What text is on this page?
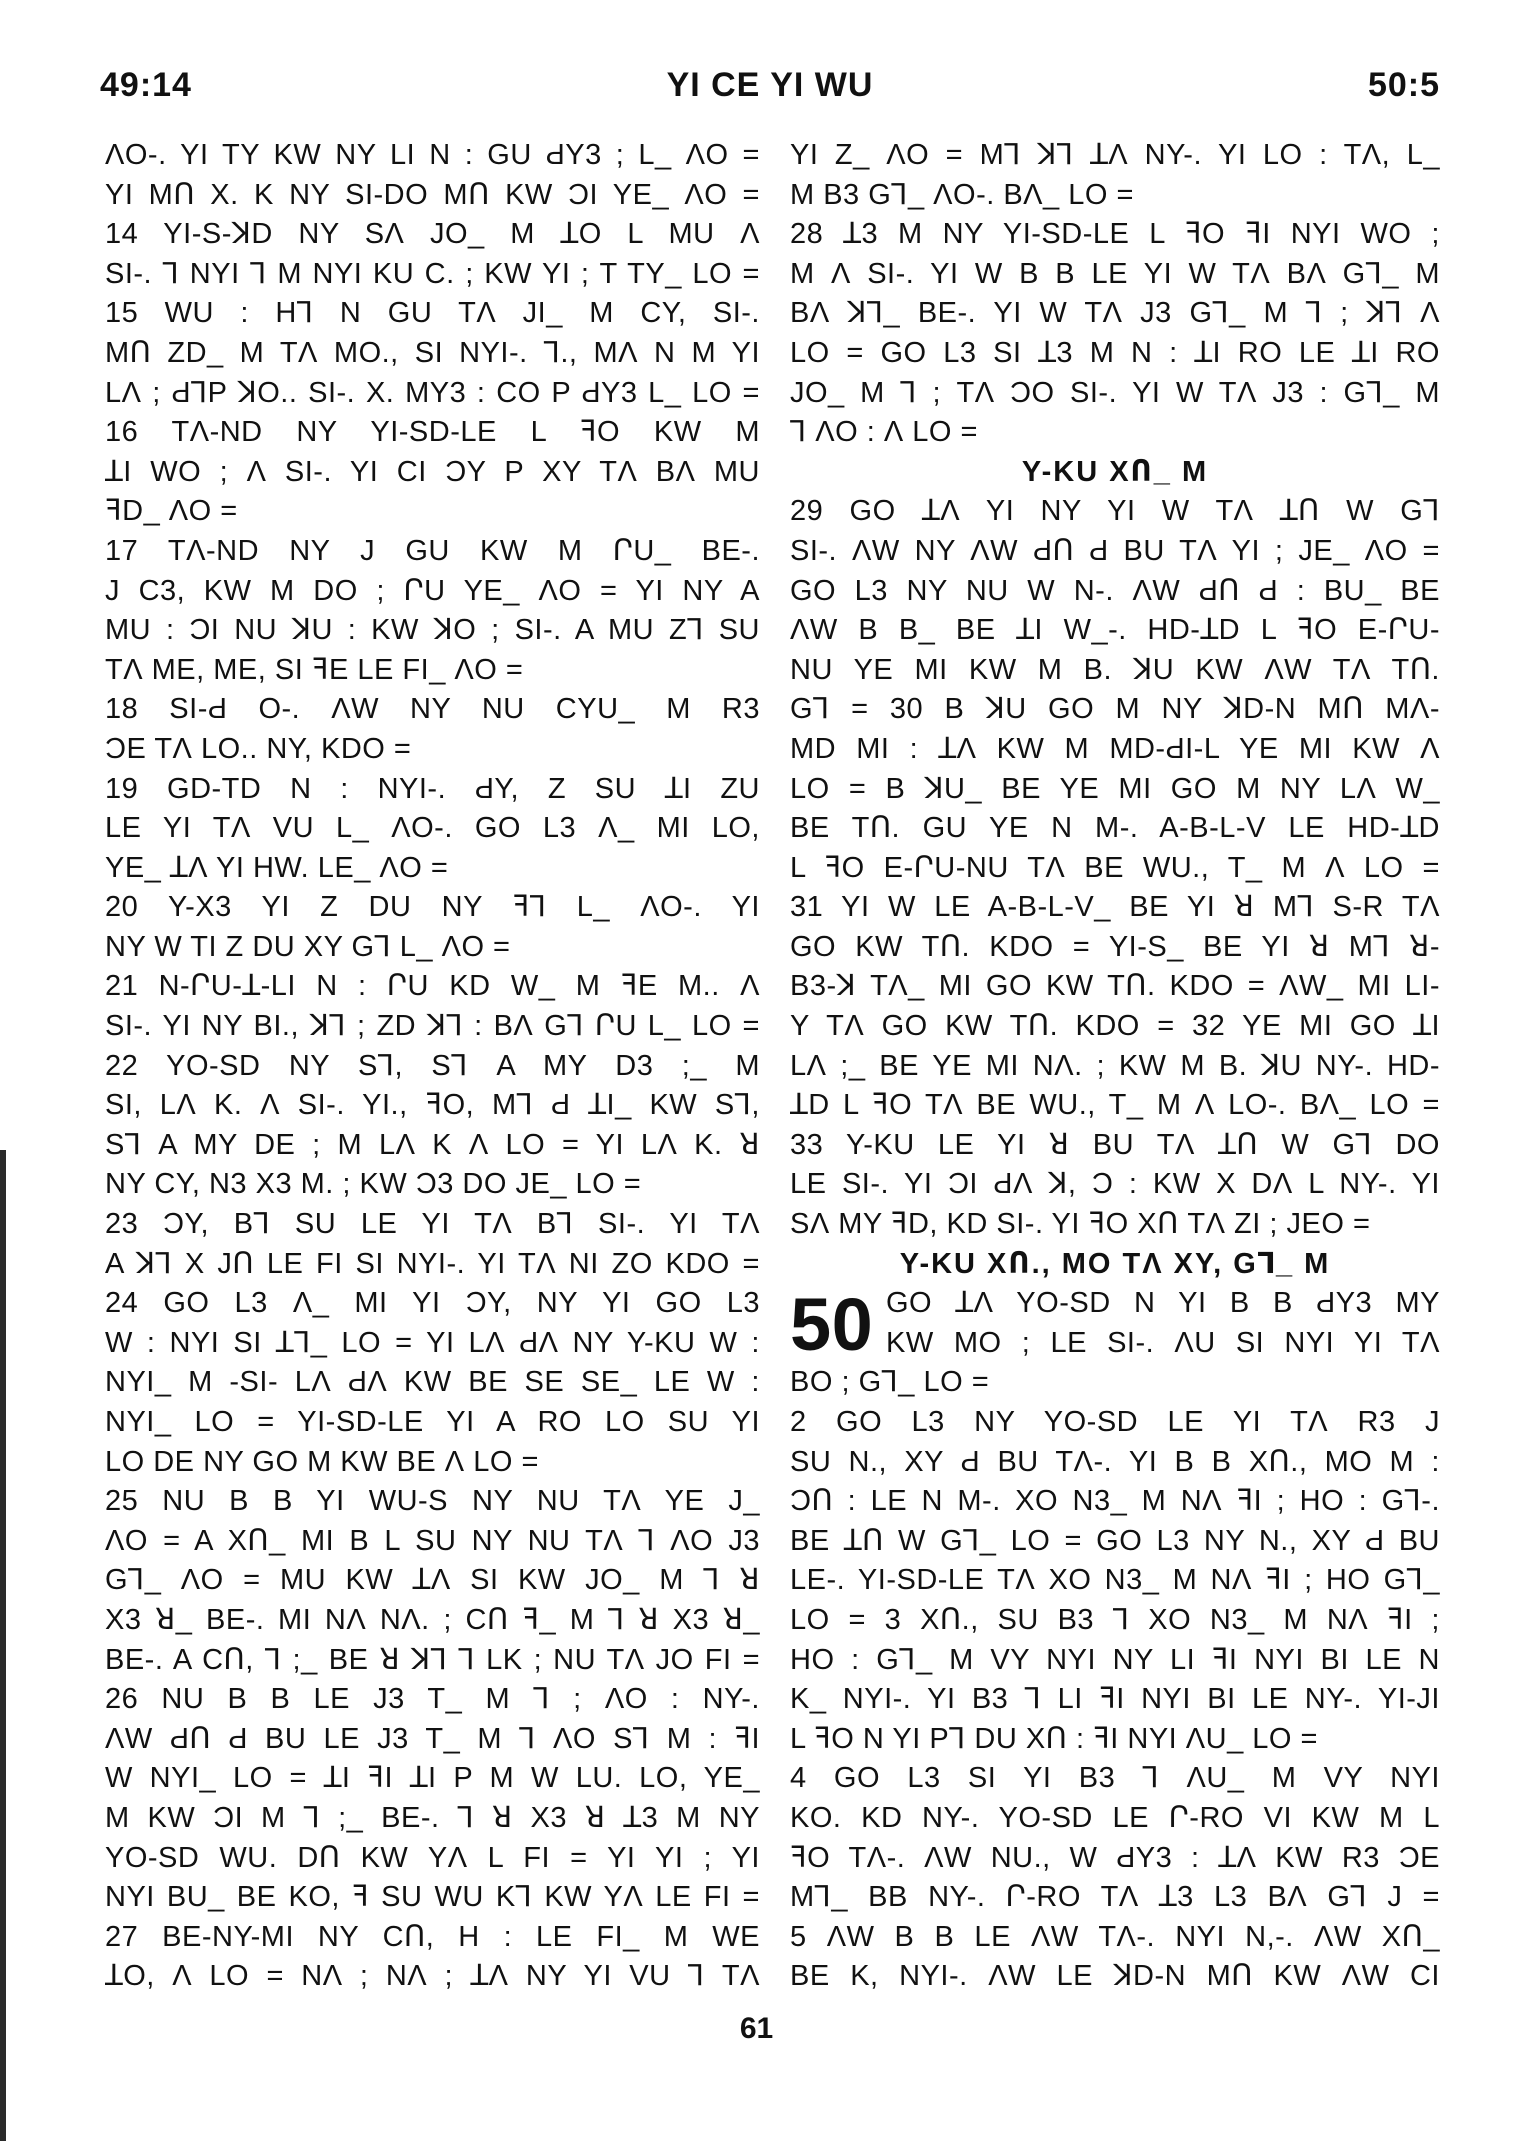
49:14	YI CE YI WU	50:5
ɅO-. YI TY KW NY LI N : GU ԀY3 ; L_ ɅO =
YI MՈ X. K NY SI-DO MՈ KW ƆI YE_ ɅO =
14 YI-S-ꓘD NY SɅ JO_ M ꓕO L MU Ʌ
SI-. ꓶ NYI ꓶ M NYI KU C. ; KW YI ; T TY_ LO =
15 WU : Hꓶ N GU TɅ JI_ M CY, SI-.
MՈ ZD_ M TɅ MO., SI NYI-. ꓶ., MɅ N M YI
LɅ ; ԀꓶP ꓘO.. SI-. X. MY3 : CO P ԀY3 L_ LO =
16 TɅ-ND NY YI-SD-LE L ꟻO KW M
ꓕI WO ; Ʌ SI-. YI CI ƆY P XY TɅ BɅ MU
ꟻD_ ɅO =
17 TɅ-ND NY J GU KW M ՐU_ BE-.
J C3, KW M DO ; ՐU YE_ ɅO = YI NY A
MU : ƆI NU ꓘU : KW ꓘO ; SI-. A MU Zꓶ SU
TɅ ME, ME, SI ꟻE LE FI_ ɅO =
18 SI-Ԁ O-. ɅW NY NU CYU_ M R3
ƆE TɅ LO.. NY, KDO =
19 GD-TD N : NYI-. ԀY, Z SU ꓕI ZU
LE YI TɅ VU L_ ɅO-. GO L3 Ʌ_ MI LO,
YE_ ꓕɅ YI HW. LE_ ɅO =
20 Y-X3 YI Z DU NY ꟻꓶ L_ ɅO-. YI
NY W TI Z DU XY Gꓶ L_ ɅO =
21 N-ՐU-ꓕ-LI N : ՐU KD W_ M ꟻE M.. Ʌ
SI-. YI NY BI., ꓘꓶ ; ZD ꓘꓶ : BɅ Gꓶ ՐU L_ LO =
22 YO-SD NY Sꓶ, Sꓶ A MY D3 ;_ M
SI, LɅ K. Ʌ SI-. YI., ꟻO, Mꓶ Ԁ ꓕI_ KW Sꓶ,
Sꓶ A MY DE ; M LɅ K Ʌ LO = YI LɅ K. ꓤ
NY CY, N3 X3 M. ; KW Ɔ3 DO JE_ LO =
23 ƆY, Bꓶ SU LE YI TɅ Bꓶ SI-. YI TɅ
A ꓘꓶ X JՈ LE FI SI NYI-. YI TɅ NI ZO KDO =
24 GO L3 Ʌ_ MI YI ƆY, NY YI GO L3
W : NYI SI ꓕꓶ_ LO = YI LɅ ԀɅ NY Y-KU W :
NYI_ M -SI- LɅ ԀɅ KW BE SE SE_ LE W :
NYI_ LO = YI-SD-LE YI A RO LO SU YI
LO DE NY GO M KW BE Ʌ LO =
25 NU B B YI WU-S NY NU TɅ YE J_
ɅO = A XՈ_ MI B L SU NY NU TɅ ꓶ ɅO J3
Gꓶ_ ɅO = MU KW ꓕɅ SI KW JO_ M ꓶ ꓤ
X3 ꓤ_ BE-. MI NɅ NɅ. ; CՈ ꟻ_ M ꓶ ꓤ X3 ꓤ_
BE-. A CՈ, ꓶ ;_ BE ꓤ ꓘꓶ ꓶ LK ; NU TɅ JO FI =
26 NU B B LE J3 T_ M ꓶ ; ɅO : NY-.
ɅW ԀՈ Ԁ BU LE J3 T_ M ꓶ ɅO Sꓶ M : ꟻI
W NYI_ LO = ꓕI ꟻI ꓕI P M W LU. LO, YE_
M KW ƆI M ꓶ ;_ BE-. ꓶ ꓤ X3 ꓤ ꓕ3 M NY
YO-SD WU. DՈ KW YɅ L FI = YI YI ; YI
NYI BU_ BE KO, ꟻ SU WU Kꓶ KW YɅ LE FI =
27 BE-NY-MI NY CՈ, H : LE FI_ M WE
ꓕO, Ʌ LO = NɅ ; NɅ ; ꓕɅ NY YI VU ꓶ TɅ
YI Z_ ɅO = Mꓶ ꓘꓶ ꓕɅ NY-. YI LO : TɅ, L_
M B3 Gꓶ_ ɅO-. BɅ_ LO =
28 ꓕ3 M NY YI-SD-LE L ꟻO ꟻI NYI WO ;
M Ʌ SI-. YI W B B LE YI W TɅ BɅ Gꓶ_ M
BɅ ꓘꓶ_ BE-. YI W TɅ J3 Gꓶ_ M ꓶ ; ꓘꓶ Ʌ
LO = GO L3 SI ꓕ3 M N : ꓕI RO LE ꓕI RO
JO_ M ꓶ ; TɅ ƆO SI-. YI W TɅ J3 : Gꓶ_ M
ꓶ ɅO : Ʌ LO =
Y-KU XՈ_ M
29 GO ꓕɅ YI NY YI W TɅ ꓕՈ W Gꓶ
SI-. ɅW NY ɅW ԀՈ Ԁ BU TɅ YI ; JE_ ɅO =
GO L3 NY NU W N-. ɅW ԀՈ Ԁ : BU_ BE
ɅW B B_ BE ꓕI W_-. HD-ꓕD L ꟻO E-ՐU-
NU YE MI KW M B. ꓘU KW ɅW TɅ TՈ.
Gꓶ = 30 B ꓘU GO M NY ꓘD-N MՈ MɅ-
MD MI : ꓕɅ KW M MD-ԀI-L YE MI KW Ʌ
LO = B ꓘU_ BE YE MI GO M NY LɅ W_
BE TՈ. GU YE N M-. A-B-L-V LE HD-ꓕD
L ꟻO E-ՐU-NU TɅ BE WU., T_ M Ʌ LO =
31 YI W LE A-B-L-V_ BE YI ꓤ Mꓶ S-R TɅ
GO KW TՈ. KDO = YI-S_ BE YI ꓤ Mꓶ ꓤ-
B3-ꓘ TɅ_ MI GO KW TՈ. KDO = ɅW_ MI LI-
Y TɅ GO KW TՈ. KDO = 32 YE MI GO ꓕI
LɅ ;_ BE YE MI NɅ. ; KW M B. ꓘU NY-. HD-
ꓕD L ꟻO TɅ BE WU., T_ M Ʌ LO-. BɅ_ LO =
33 Y-KU LE YI ꓤ BU TɅ ꓕՈ W Gꓶ DO
LE SI-. YI ƆI ԀɅ ꓘ, Ɔ : KW X DɅ L NY-. YI
SɅ MY ꟻD, KD SI-. YI ꟻO XՈ TɅ ZI ; JEO =
Y-KU XՈ., MO TɅ XY, Gꓶ_ M
50 GO ꓕɅ YO-SD N YI B B ԀY3 MY
KW MO ; LE SI-. ɅU SI NYI YI TɅ
BO ; Gꓶ_ LO =
2 GO L3 NY YO-SD LE YI TɅ R3 J
SU N., XY Ԁ BU TɅ-. YI B B XՈ., MO M :
ƆՈ : LE N M-. XO N3_ M NɅ ꟻI ; HO : Gꓶ-.
BE ꓕՈ W Gꓶ_ LO = GO L3 NY N., XY Ԁ BU
LE-. YI-SD-LE TɅ XO N3_ M NɅ ꟻI ; HO Gꓶ_
LO = 3 XՈ., SU B3 ꓶ XO N3_ M NɅ ꟻI ;
HO : Gꓶ_ M VY NYI NY LI ꟻI NYI BI LE N
K_ NYI-. YI B3 ꓶ LI ꟻI NYI BI LE NY-. YI-JI
L ꟻO N YI Pꓶ DU XՈ : ꟻI NYI ɅU_ LO =
4 GO L3 SI YI B3 ꓶ ɅU_ M VY NYI
KO. KD NY-. YO-SD LE Ր-RO VI KW M L
ꟻO TɅ-. ɅW NU., W ԀY3 : ꓕɅ KW R3 ƆE
Mꓶ_ BB NY-. Ր-RO TɅ ꓕ3 L3 BɅ Gꓶ J =
5 ɅW B B LE ɅW TɅ-. NYI N,-. ɅW XՈ_
BE K, NYI-. ɅW LE ꓘD-N MՈ KW ɅW CI
61
